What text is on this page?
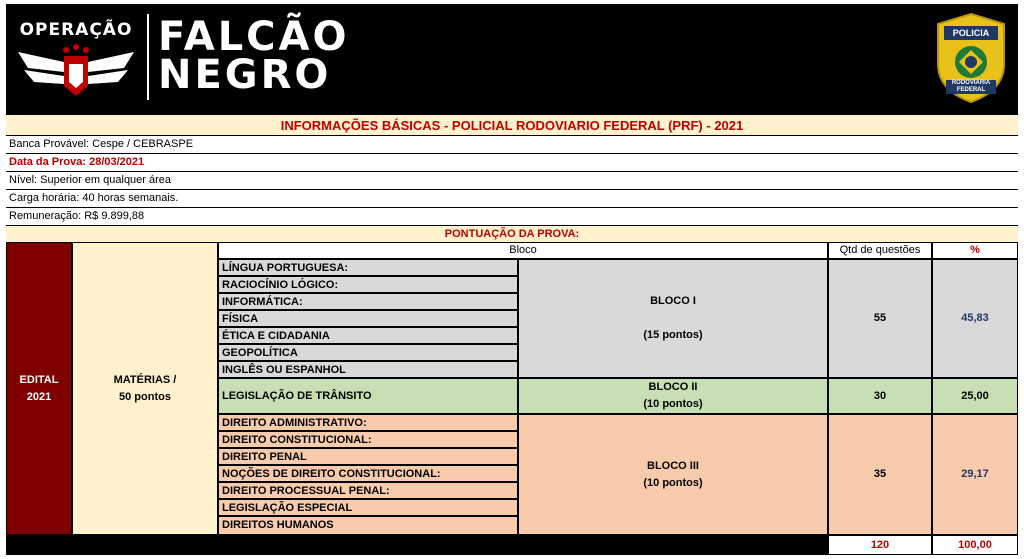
OPERAÇÃO FALCÃO
NEGRO
POLICIA
RODOVIÁRIA
FEDERAL
INFORMAÇÕES BÁSICAS - POLICIAL RODOVIARIO FEDERAL (PRF) - 2021
Banca Provável: Cespe / CEBRASPE
Data da Prova: 28/03/2021
Nível: Superior em qualquer área
Carga horária: 40 horas semanais.
Remuneração: R$ 9.899,88
PONTUAÇÃO DA PROVA:
EDITAL
2021
MATÉRIAS /
50 pontos
Bloco	Qtd de questões	%
LÍNGUA PORTUGUESA:
RACIOCÍNIO LÓGICO:
INFORMÁTICA:
FÍSICA
ÉTICA E CIDADANIA
GEOPOLÍTICA
INGLÊS OU ESPANHOL
BLOCO I
(15 pontos)
55	45,83
LEGISLAÇÃO DE TRÂNSITO
BLOCO II
(10 pontos)
30	25,00
DIREITO ADMINISTRATIVO:
DIREITO CONSTITUCIONAL:
DIREITO PENAL
NOÇÕES DE DIREITO CONSTITUCIONAL:
DIREITO PROCESSUAL PENAL:
LEGISLAÇÃO ESPECIAL
DIREITOS HUMANOS
BLOCO III
(10 pontos)
35	29,17
120	100,00
